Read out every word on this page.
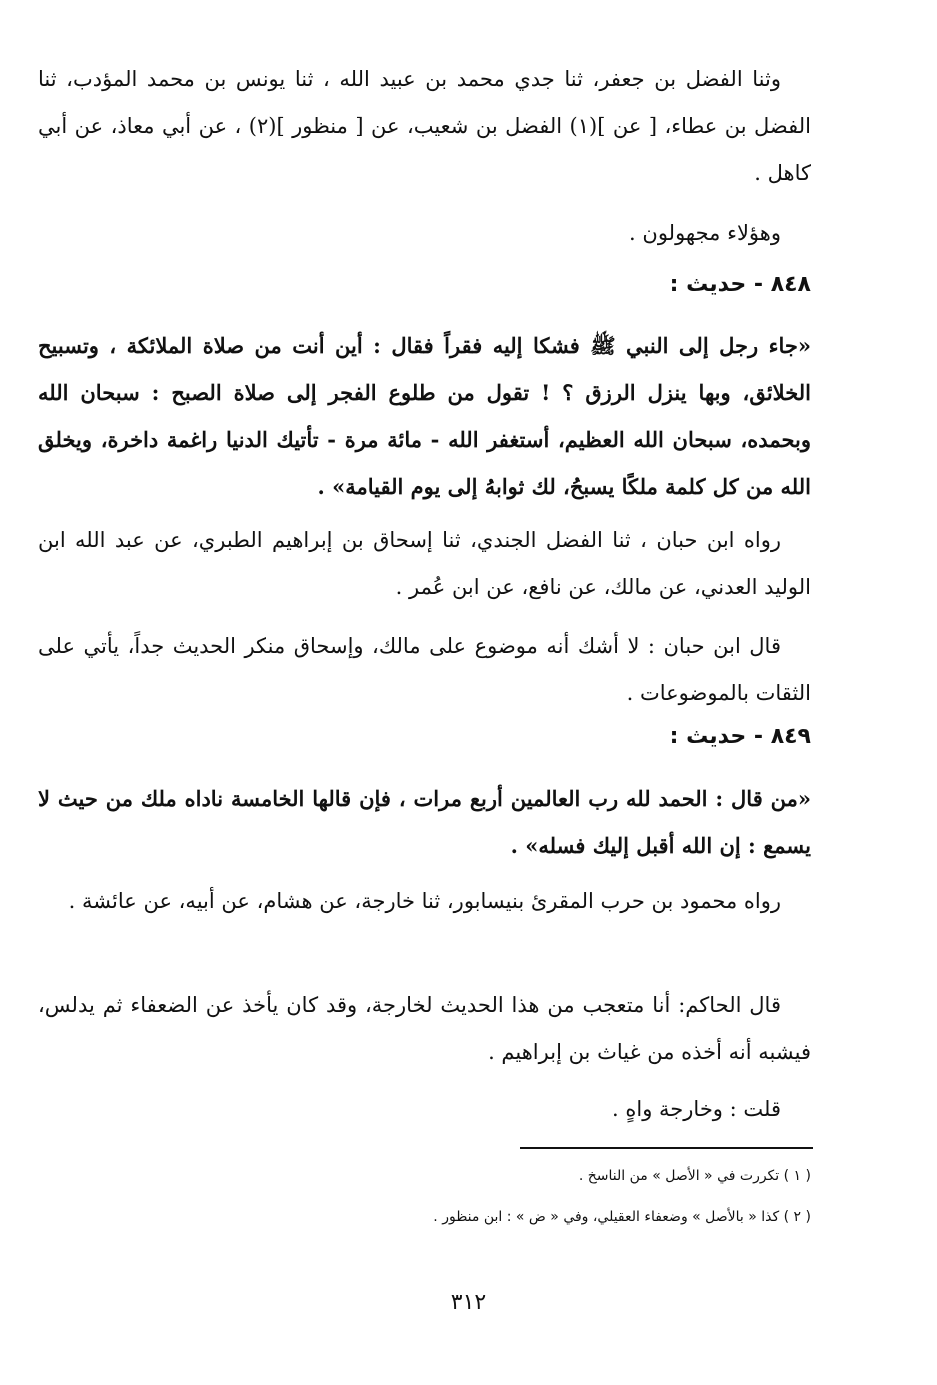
وثنا الفضل بن جعفر، ثنا جدي محمد بن عبيد الله ، ثنا يونس بن محمد المؤدب، ثنا الفضل بن عطاء، [ عن ](١) الفضل بن شعيب، عن [ منظور ](٢) ، عن أبي معاذ، عن أبي كاهل .

وهؤلاء مجهولون .

٨٤٨ - حديث :

«جاء رجل إلى النبي ﷺ فشكا إليه فقراً فقال : أين أنت من صلاة الملائكة ، وتسبيح الخلائق، وبها ينزل الرزق ؟ ! تقول من طلوع الفجر إلى صلاة الصبح : سبحان الله وبحمده، سبحان الله العظيم، أستغفر الله - مائة مرة - تأتيك الدنيا راغمة داخرة، ويخلق الله من كل كلمة ملكًا يسبحُ، لك ثوابهُ إلى يوم القيامة» .

رواه ابن حبان ، ثنا الفضل الجندي، ثنا إسحاق بن إبراهيم الطبري، عن عبد الله ابن الوليد العدني، عن مالك، عن نافع، عن ابن عُمر .

قال ابن حبان : لا أشك أنه موضوع على مالك، وإسحاق منكر الحديث جداً، يأتي على الثقات بالموضوعات .

٨٤٩ - حديث :

«من قال : الحمد لله رب العالمين أربع مرات ، فإن قالها الخامسة ناداه ملك من حيث لا يسمع : إن الله أقبل إليك فسله» .

رواه محمود بن حرب المقرئ بنيسابور، ثنا خارجة، عن هشام، عن أبيه، عن عائشة .

قال الحاكم: أنا متعجب من هذا الحديث لخارجة، وقد كان يأخذ عن الضعفاء ثم يدلس، فيشبه أنه أخذه من غياث بن إبراهيم .

قلت : وخارجة واهٍ .

( ١ ) تكررت في « الأصل » من الناسخ .
( ٢ ) كذا « بالأصل » وضعفاء العقيلي، وفي « ض » : ابن منظور .
٣١٢
